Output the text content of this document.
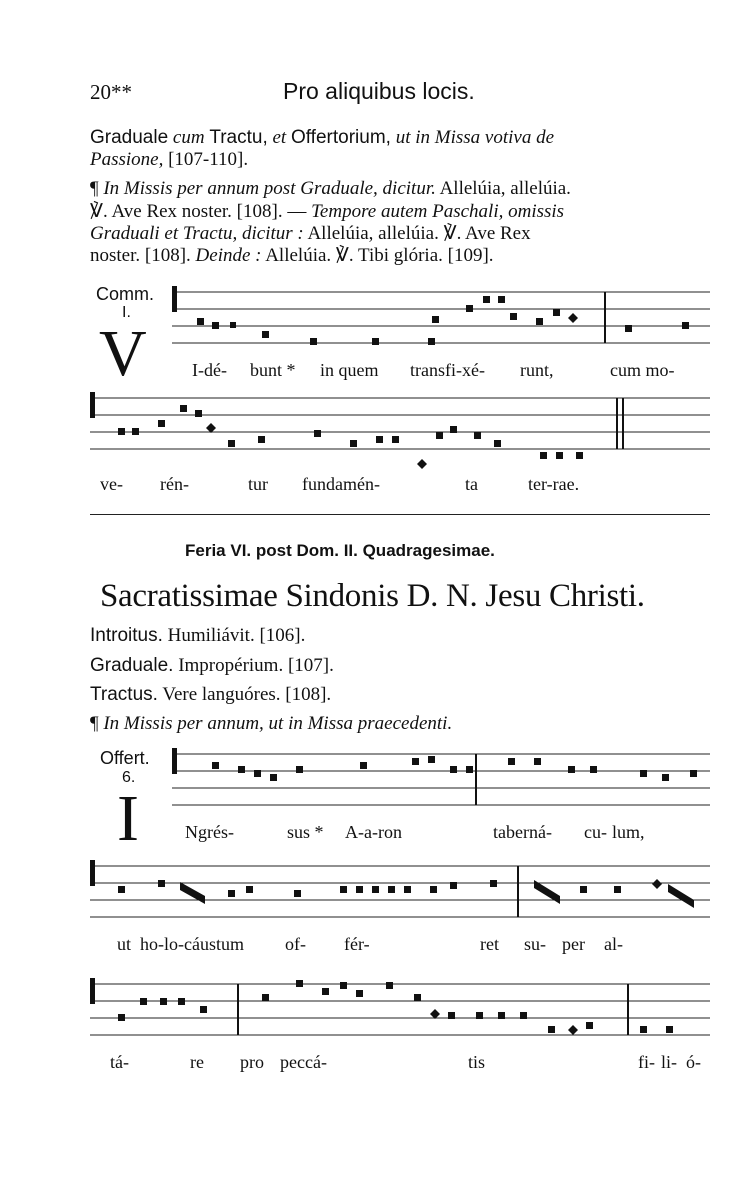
20**	Pro aliquibus locis.
Graduale cum Tractu, et Offertorium, ut in Missa votiva de
Passione, [107-110].
¶ In Missis per annum post Graduale, dicitur. Allelúia, allelúia.
℣. Ave Rex noster. [108]. — Tempore autem Paschali, omissis
Graduali et Tractu, dicitur : Allelúia, allelúia. ℣. Ave Rex
noster. [108]. Deinde : Allelúia. ℣. Tibi glória. [109].
Comm.
I.
V	I-dé- bunt * in quem transfi-xé- runt,	cum mo-
ve- rén-	tur fundamén-	ta	ter-rae.
Feria VI. post Dom. II. Quadragesimae.
Sacratissimae Sindonis D. N. Jesu Christi.
Introitus. Humiliávit. [106].
Graduale. Impropérium. [107].
Tractus. Vere languóres. [108].
¶ In Missis per annum, ut in Missa praecedenti.
Offert.
6.
I	Ngrés-	sus * A-a-ron	taberná- cu- lum,
ut ho-lo-cáustum of- fér-	ret su- per al-
tá-	re pro peccá-	tis	fi- li- ó-
